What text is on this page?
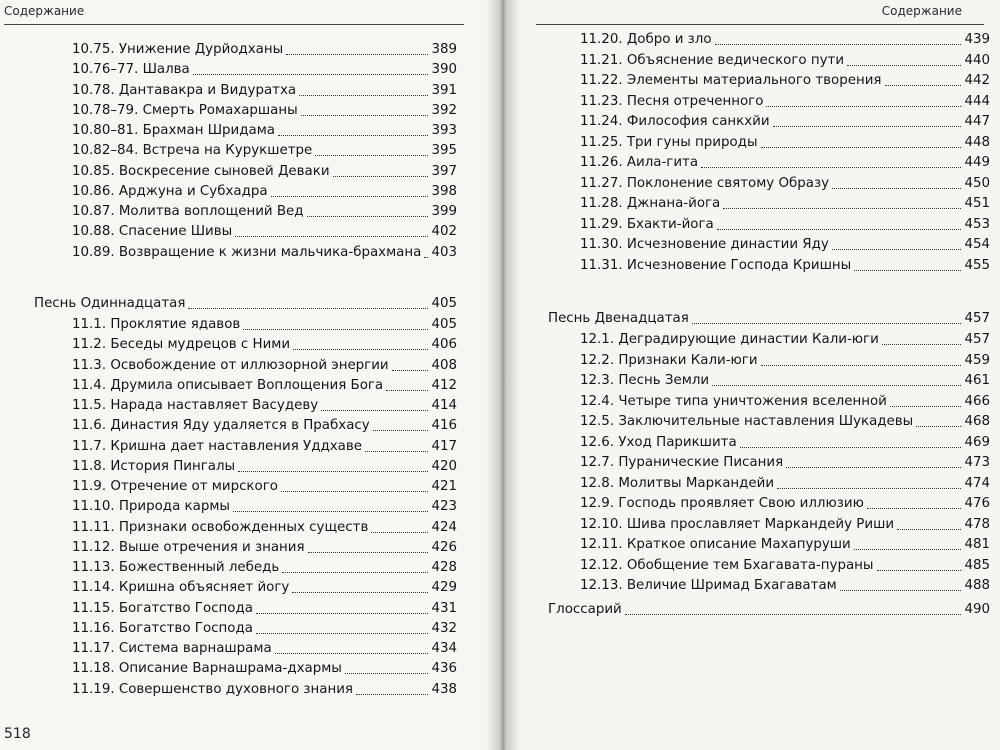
Содержание
518
10.75. Унижение Дурйодханы	389
10.76–77. Шалва	390
10.78. Дантавакра и Видуратха	391
10.78–79. Смерть Ромахаршаны	392
10.80–81. Брахман Шридама	393
10.82–84. Встреча на Курукшетре	395
10.85. Воскресение сыновей Деваки	397
10.86. Арджуна и Субхадра	398
10.87. Молитва воплощений Вед	399
10.88. Спасение Шивы	402
10.89. Возвращение к жизни мальчика-брахмана 403
Песнь Одиннадцатая	405
11.1. Проклятие ядавов	405
11.2. Беседы мудрецов с Ними	406
11.3. Освобождение от иллюзорной энергии	408
11.4. Друмила описывает Воплощения Бога	412
11.5. Нарада наставляет Васудеву	414
11.6. Династия Яду удаляется в Прабхасу	416
11.7. Кришна дает наставления Уддхаве	417
11.8. История Пингалы	420
11.9. Отречение от мирского	421
11.10. Природа кармы	423
11.11. Признаки освобожденных существ	424
11.12. Выше отречения и знания	426
11.13. Божественный лебедь	428
11.14. Кришна объясняет йогу	429
11.15. Богатство Господа	431
11.16. Богатство Господа	432
11.17. Система варнашрама	434
11.18. Описание Варнашрама-дхармы	436
11.19. Совершенство духовного знания	438
Содержание
11.20. Добро и зло	439
11.21. Объяснение ведического пути	440
11.22. Элементы материального творения	442
11.23. Песня отреченного	444
11.24. Философия санкхйи	447
11.25. Три гуны природы	448
11.26. Аила-гита	449
11.27. Поклонение святому Образу	450
11.28. Джнана-йога	451
11.29. Бхакти-йога	453
11.30. Исчезновение династии Яду	454
11.31. Исчезновение Господа Кришны	455
Песнь Двенадцатая	457
12.1. Деградирующие династии Кали-юги	457
12.2. Признаки Кали-юги	459
12.3. Песнь Земли	461
12.4. Четыре типа уничтожения вселенной	466
12.5. Заключительные наставления Шукадевы	468
12.6. Уход Парикшита	469
12.7. Пуранические Писания	473
12.8. Молитвы Маркандейи	474
12.9. Господь проявляет Свою иллюзию	476
12.10. Шива прославляет Маркандейу Риши	478
12.11. Краткое описание Махапуруши	481
12.12. Обобщение тем Бхагавата-пураны	485
12.13. Величие Шримад Бхагаватам	488
Глоссарий	490
